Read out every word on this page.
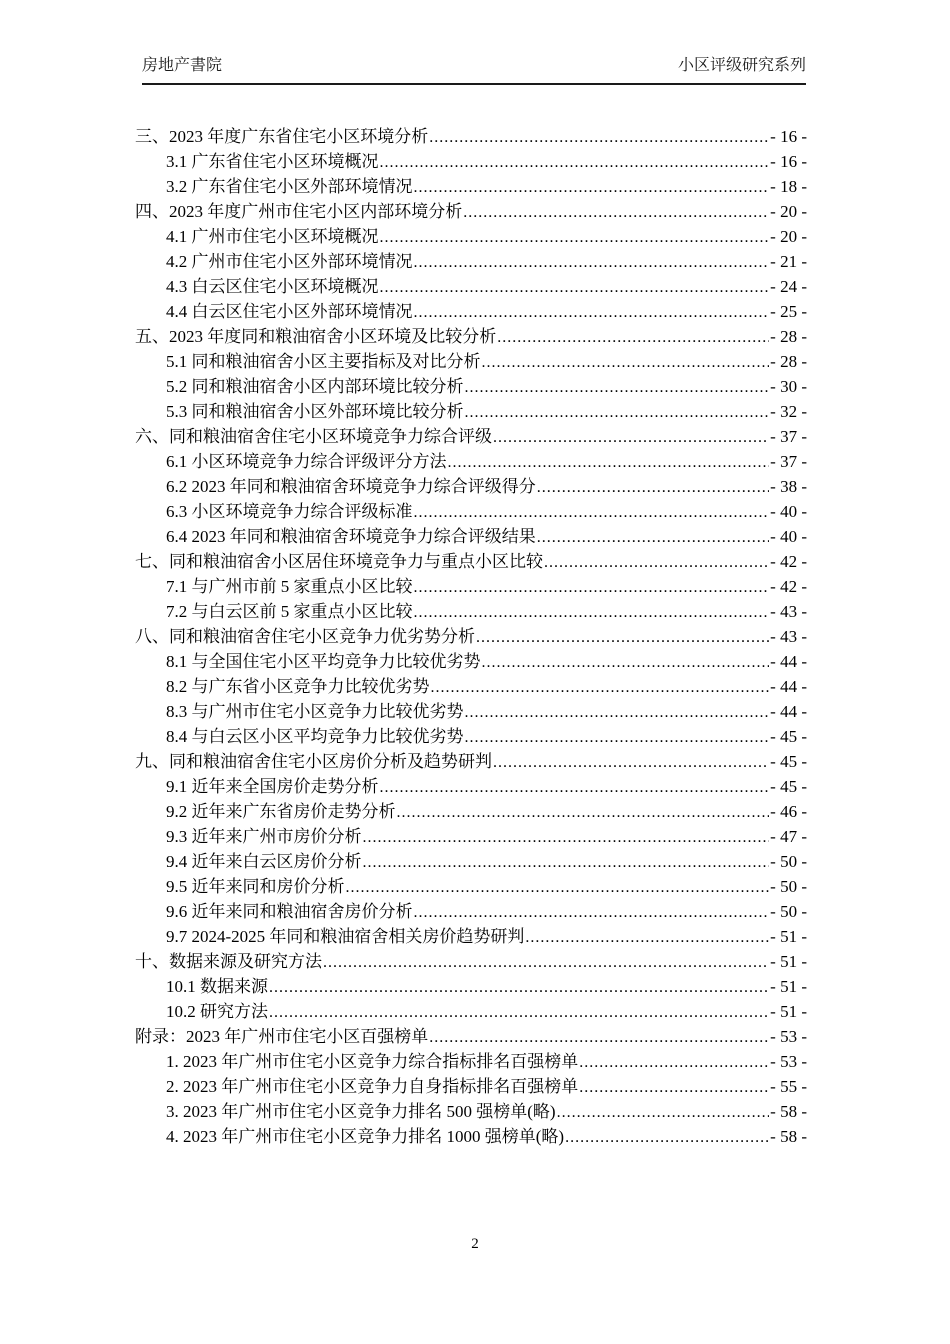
房地产書院	小区评级研究系列
三、2023 年度广东省住宅小区环境分析 .....	- 16 -
3.1 广东省住宅小区环境概况 .....	- 16 -
3.2 广东省住宅小区外部环境情况 .....	- 18 -
四、2023 年度广州市住宅小区内部环境分析 .....	- 20 -
4.1 广州市住宅小区环境概况 .....	- 20 -
4.2 广州市住宅小区外部环境情况 .....	- 21 -
4.3 白云区住宅小区环境概况 .....	- 24 -
4.4 白云区住宅小区外部环境情况 .....	- 25 -
五、2023 年度同和粮油宿舍小区环境及比较分析 .....	- 28 -
5.1 同和粮油宿舍小区主要指标及对比分析 .....	- 28 -
5.2 同和粮油宿舍小区内部环境比较分析 .....	- 30 -
5.3 同和粮油宿舍小区外部环境比较分析 .....	- 32 -
六、同和粮油宿舍住宅小区环境竞争力综合评级 .....	- 37 -
6.1 小区环境竞争力综合评级评分方法 .....	- 37 -
6.2 2023 年同和粮油宿舍环境竞争力综合评级得分 .....	- 38 -
6.3 小区环境竞争力综合评级标准 .....	- 40 -
6.4 2023 年同和粮油宿舍环境竞争力综合评级结果 .....	- 40 -
七、同和粮油宿舍小区居住环境竞争力与重点小区比较 .....	- 42 -
7.1 与广州市前 5 家重点小区比较 .....	- 42 -
7.2 与白云区前 5 家重点小区比较 .....	- 43 -
八、同和粮油宿舍住宅小区竞争力优劣势分析 .....	- 43 -
8.1 与全国住宅小区平均竞争力比较优劣势 .....	- 44 -
8.2 与广东省小区竞争力比较优劣势 .....	- 44 -
8.3 与广州市住宅小区竞争力比较优劣势 .....	- 44 -
8.4 与白云区小区平均竞争力比较优劣势 .....	- 45 -
九、同和粮油宿舍住宅小区房价分析及趋势研判 .....	- 45 -
9.1 近年来全国房价走势分析 .....	- 45 -
9.2 近年来广东省房价走势分析 .....	- 46 -
9.3 近年来广州市房价分析 .....	- 47 -
9.4 近年来白云区房价分析 .....	- 50 -
9.5 近年来同和房价分析 .....	- 50 -
9.6 近年来同和粮油宿舍房价分析 .....	- 50 -
9.7 2024-2025 年同和粮油宿舍相关房价趋势研判 .....	- 51 -
十、数据来源及研究方法 .....	- 51 -
10.1 数据来源 .....	- 51 -
10.2 研究方法 .....	- 51 -
附录：2023 年广州市住宅小区百强榜单 .....	- 53 -
1. 2023 年广州市住宅小区竞争力综合指标排名百强榜单 .....	- 53 -
2. 2023 年广州市住宅小区竞争力自身指标排名百强榜单 .....	- 55 -
3. 2023 年广州市住宅小区竞争力排名 500 强榜单(略) .....	- 58 -
4. 2023 年广州市住宅小区竞争力排名 1000 强榜单(略) .....	- 58 -
2
